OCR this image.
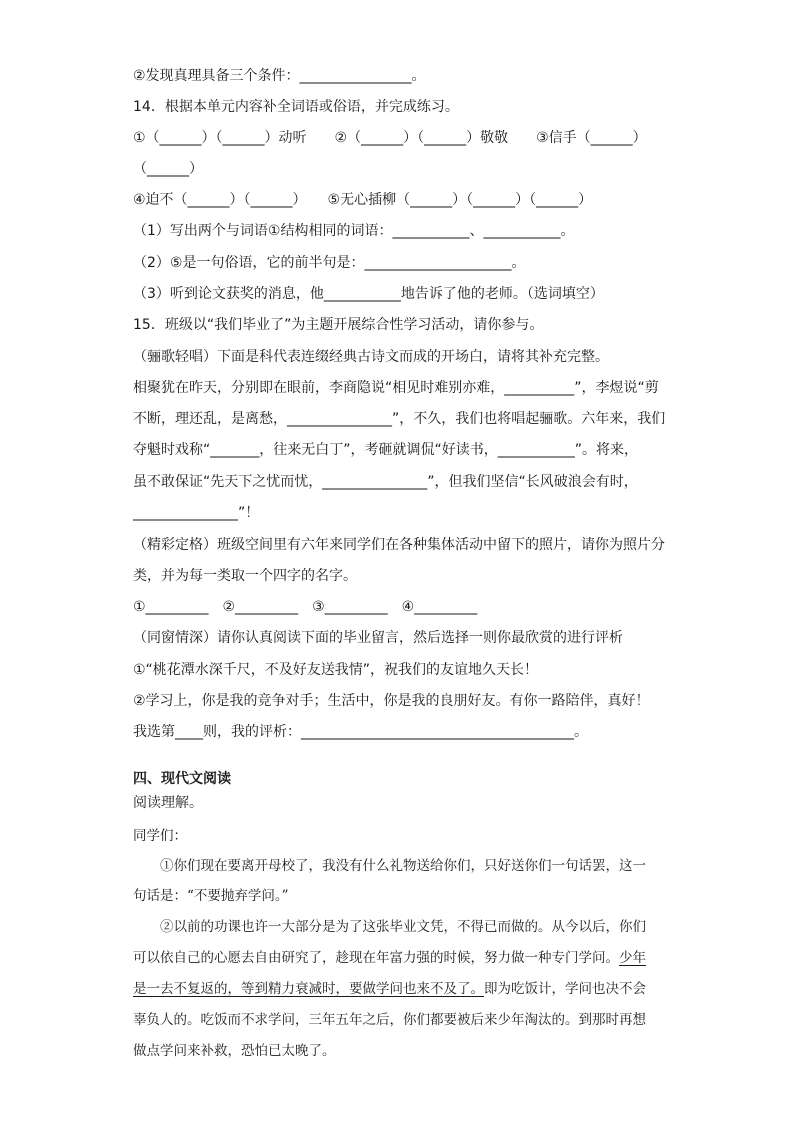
②发现真理具备三个条件：________________。
14．根据本单元内容补全词语或俗语，并完成练习。
①（______）（______）动听　　②（______）（______）敬敬　　③信手（______）
（______）
④迫不（______）（______）　　⑤无心插柳（______）（______）（______）
（1）写出两个与词语①结构相同的词语：___________、___________。
（2）⑤是一句俗语，它的前半句是：_____________________。
（3）听到论文获奖的消息，他___________地告诉了他的老师。（选词填空）
15．班级以“我们毕业了”为主题开展综合性学习活动，请你参与。
（骊歌轻唱）下面是科代表连缀经典古诗文而成的开场白，请将其补充完整。
相聚犹在昨天，分别即在眼前，李商隐说“相见时难别亦难，__________”，李煜说“剪
不断，理还乱，是离愁，_______________”，不久，我们也将唱起骊歌。六年来，我们
夺魁时戏称“_______，往来无白丁”，考砸就调侃“好读书，___________”。将来，
虽不敢保证“先天下之忧而忧，_______________”，但我们坚信“长风破浪会有时，
_______________”！
（精彩定格）班级空间里有六年来同学们在各种集体活动中留下的照片，请你为照片分
类，并为每一类取一个四字的名字。
①_________　②_________　③_________　④_________
（同窗情深）请你认真阅读下面的毕业留言，然后选择一则你最欣赏的进行评析
①“桃花潭水深千尺，不及好友送我情”，祝我们的友谊地久天长！
②学习上，你是我的竞争对手；生活中，你是我的良朋好友。有你一路陪伴，真好！
我选第____则，我的评析：_______________________________________。
四、现代文阅读
阅读理解。
同学们：
①你们现在要离开母校了，我没有什么礼物送给你们，只好送你们一句话罢，这一
句话是：“不要抛弃学问。”
②以前的功课也许一大部分是为了这张毕业文凭，不得已而做的。从今以后，你们
可以依自己的心愿去自由研究了，趁现在年富力强的时候，努力做一种专门学问。少年
是一去不复返的，等到精力衰减时，要做学问也来不及了。即为吃饭计，学问也决不会
辜负人的。吃饭而不求学问，三年五年之后，你们都要被后来少年淘汰的。到那时再想
做点学问来补救，恐怕已太晚了。
